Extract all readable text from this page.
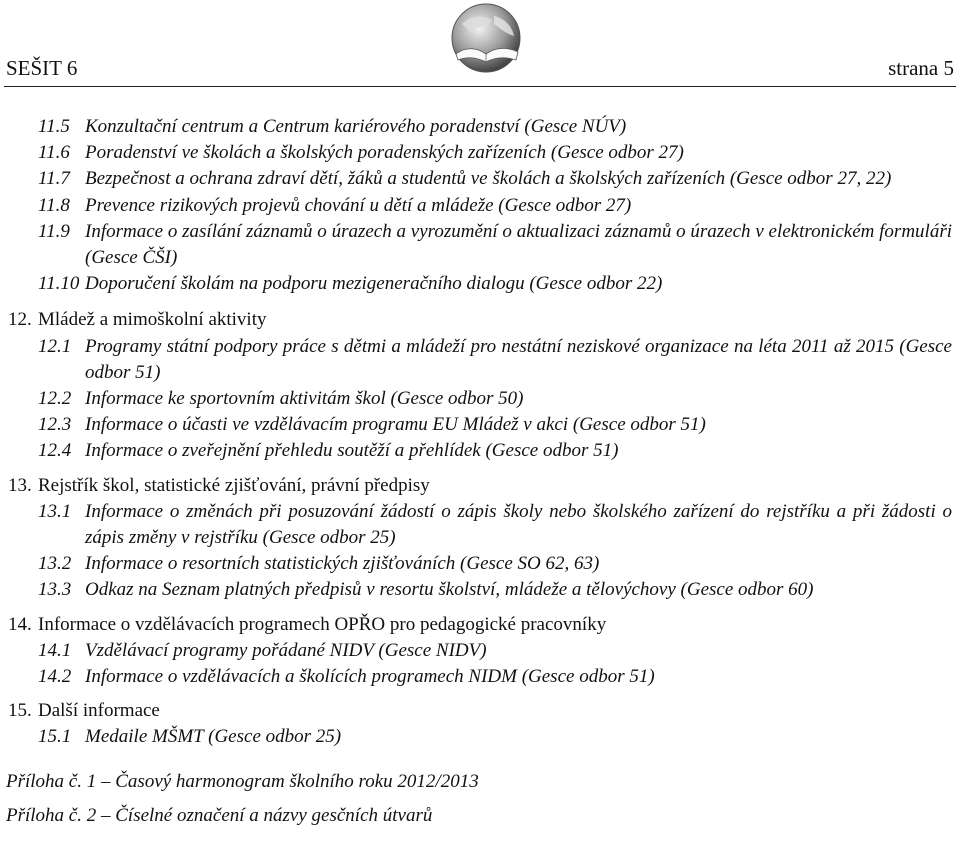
SEŠIT 6	strana 5
11.5 Konzultační centrum a Centrum kariérového poradenství (Gesce NÚV)
11.6 Poradenství ve školách a školských poradenských zařízeních (Gesce odbor 27)
11.7 Bezpečnost a ochrana zdraví dětí, žáků a studentů ve školách a školských zařízeních (Gesce odbor 27, 22)
11.8 Prevence rizikových projevů chování u dětí a mládeže (Gesce odbor 27)
11.9 Informace o zasílání záznamů o úrazech a vyrozumění o aktualizaci záznamů o úrazech v elektronickém formuláři (Gesce ČŠI)
11.10 Doporučení školám na podporu mezigeneračního dialogu (Gesce odbor 22)
12. Mládež a mimoškolní aktivity
12.1 Programy státní podpory práce s dětmi a mládeží pro nestátní neziskové organizace na léta 2011 až 2015 (Gesce odbor 51)
12.2 Informace ke sportovním aktivitám škol (Gesce odbor 50)
12.3 Informace o účasti ve vzdělávacím programu EU Mládež v akci (Gesce odbor 51)
12.4 Informace o zveřejnění přehledu soutěží a přehlídek (Gesce odbor 51)
13. Rejstřík škol, statistické zjišťování, právní předpisy
13.1 Informace o změnách při posuzování žádostí o zápis školy nebo školského zařízení do rejstříku a při žádosti o zápis změny v rejstříku (Gesce odbor 25)
13.2 Informace o resortních statistických zjišťováních (Gesce SO 62, 63)
13.3 Odkaz na Seznam platných předpisů v resortu školství, mládeže a tělovýchovy (Gesce odbor 60)
14. Informace o vzdělávacích programech OPŘO pro pedagogické pracovníky
14.1 Vzdělávací programy pořádané NIDV (Gesce NIDV)
14.2 Informace o vzdělávacích a školících programech NIDM (Gesce odbor 51)
15. Další informace
15.1 Medaile MŠMT (Gesce odbor 25)
Příloha č. 1 – Časový harmonogram školního roku 2012/2013
Příloha č. 2 – Číselné označení a názvy gesčních útvarů
